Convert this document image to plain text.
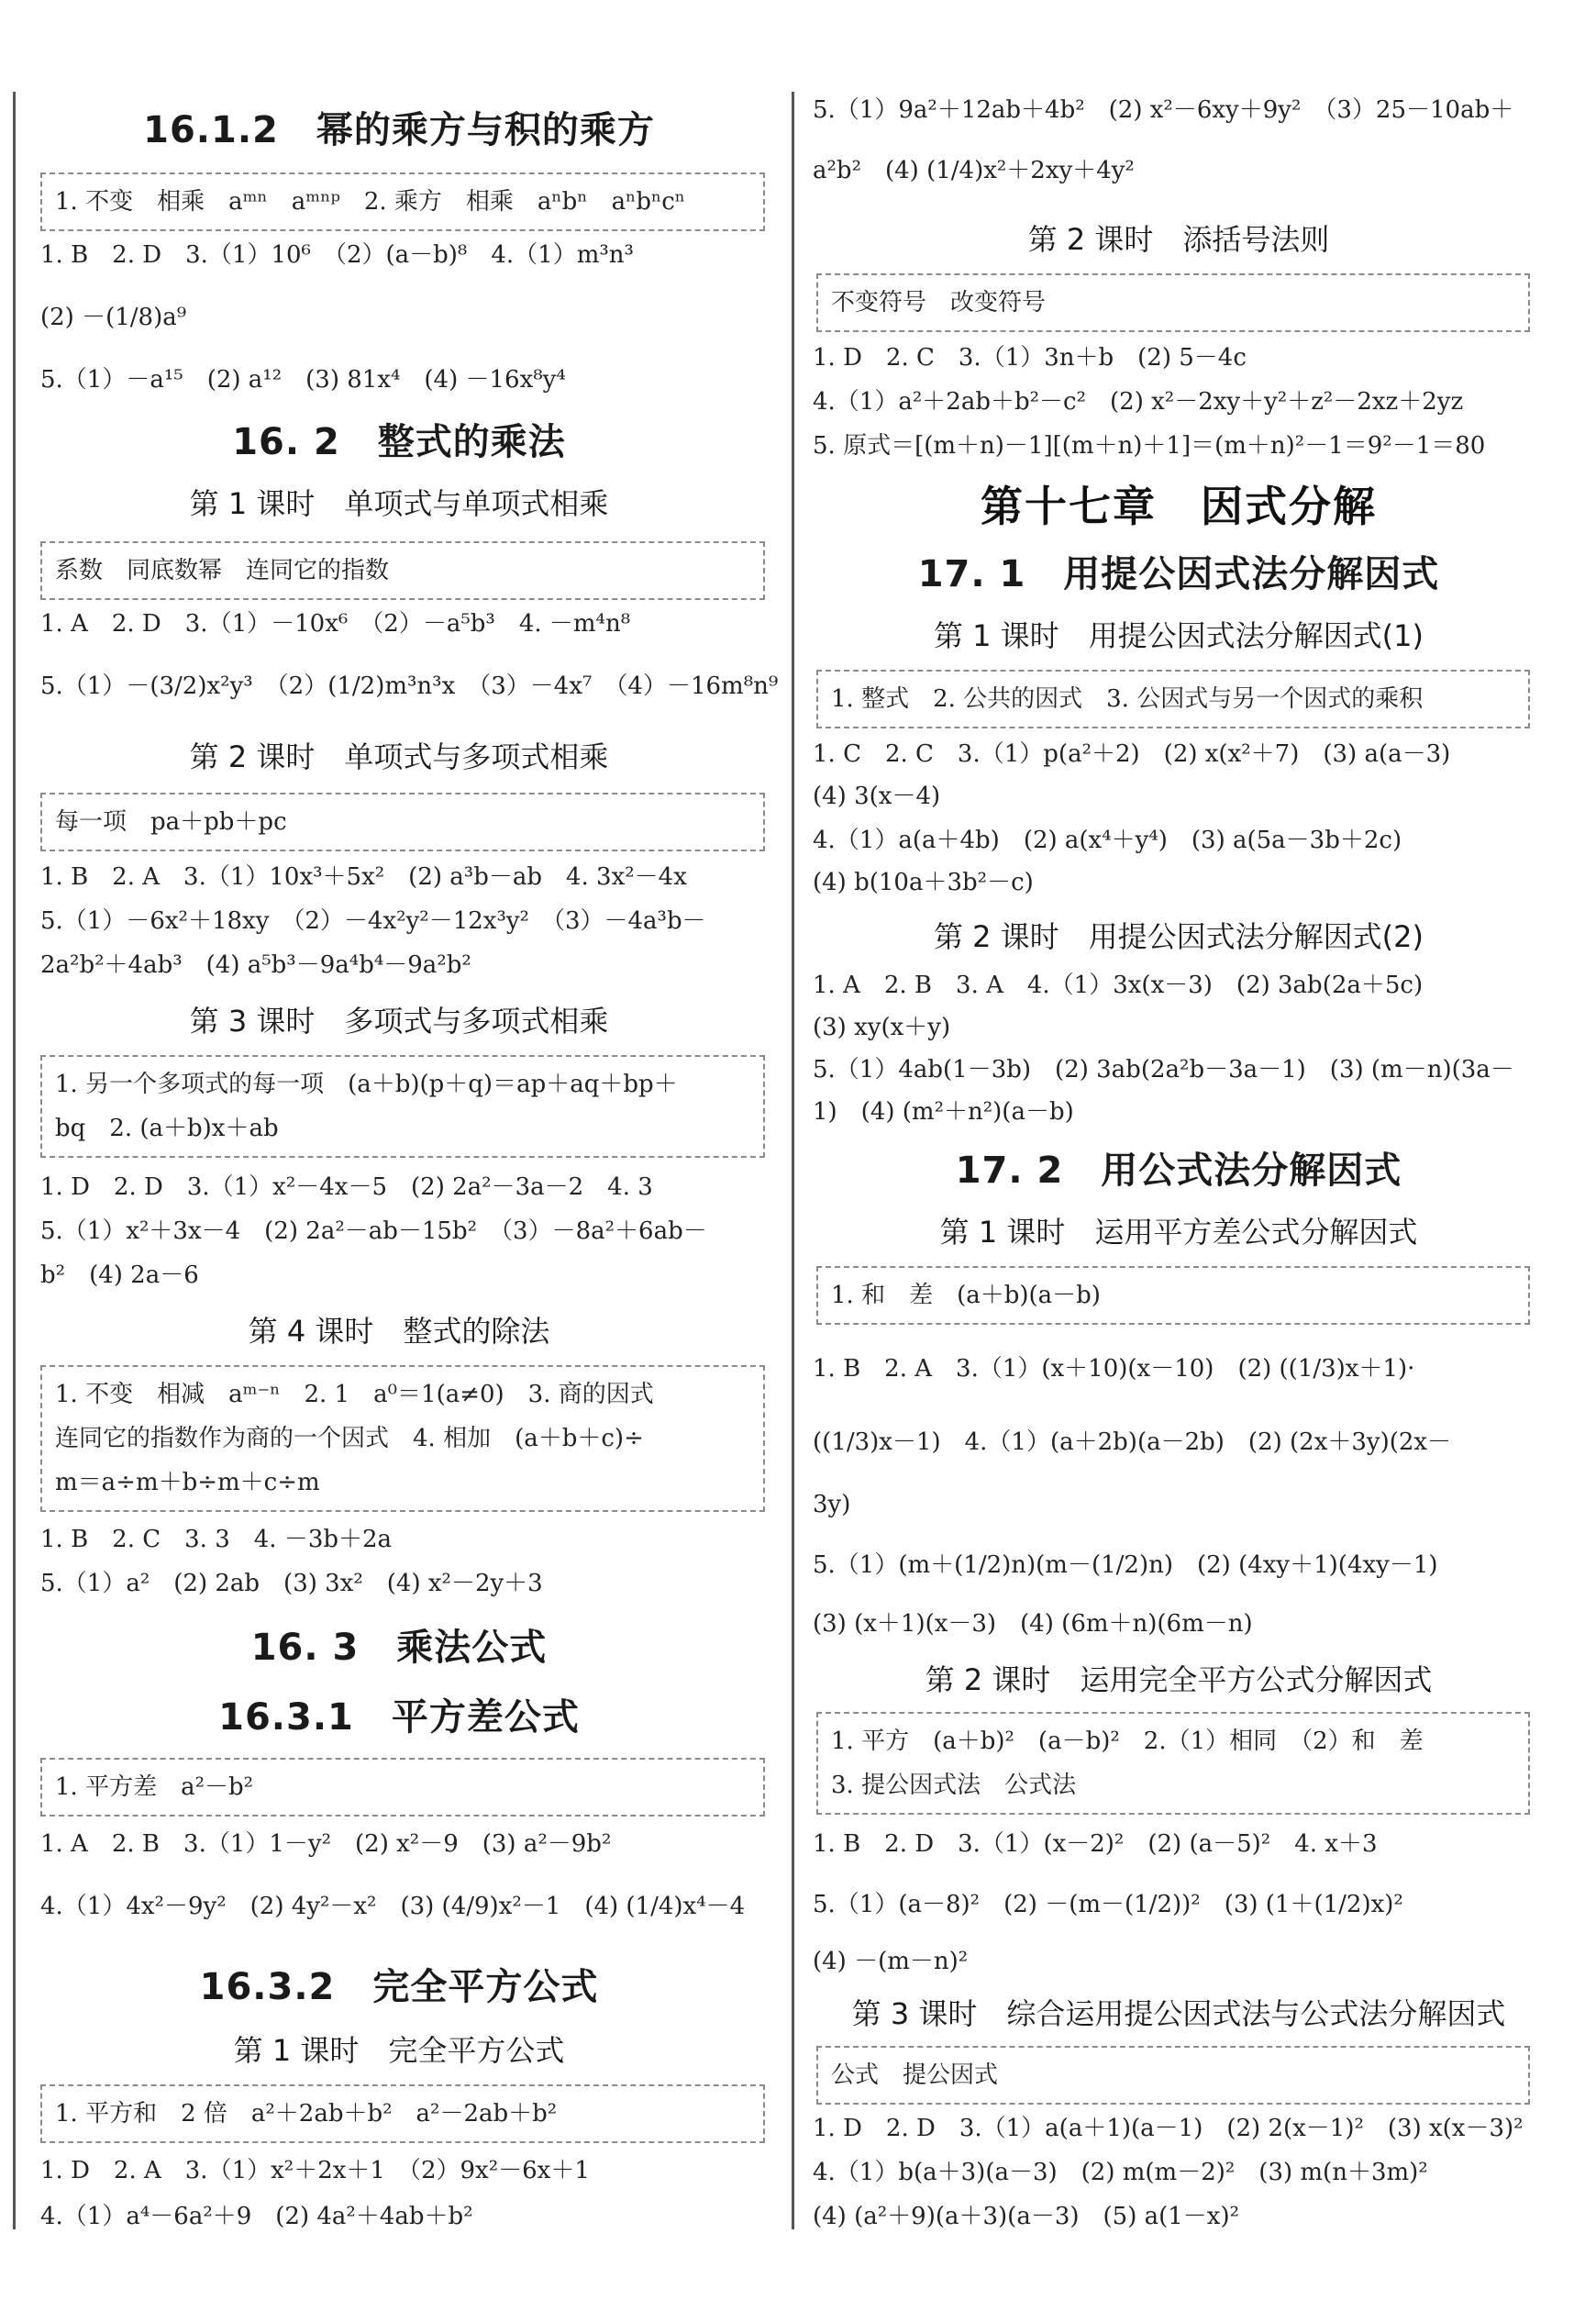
16.1.2　幂的乘方与积的乘方
1. 不变　相乘　aᵐⁿ　aᵐⁿᵖ　2. 乘方　相乘　aⁿbⁿ　aⁿbⁿcⁿ
1. B　2. D　3.（1）10⁶　（2）(a－b)⁸　4.（1）m³n³
(2) －(1/8)a⁹
5.（1）－a¹⁵　(2) a¹²　(3) 81x⁴　(4) －16x⁸y⁴
16. 2　整式的乘法
第 1 课时　单项式与单项式相乘
系数　同底数幂　连同它的指数
1. A　2. D　3.（1）－10x⁶　（2）－a⁵b³　4. －m⁴n⁸
5.（1）－(3/2)x²y³　（2）(1/2)m³n³x　（3）－4x⁷　（4）－16m⁸n⁹
第 2 课时　单项式与多项式相乘
每一项　pa＋pb＋pc
1. B　2. A　3.（1）10x³＋5x²　(2) a³b－ab　4. 3x²－4x
5.（1）－6x²＋18xy　（2）－4x²y²－12x³y²　（3）－4a³b－
2a²b²＋4ab³　(4) a⁵b³－9a⁴b⁴－9a²b²
第 3 课时　多项式与多项式相乘
1. 另一个多项式的每一项　(a＋b)(p＋q)＝ap＋aq＋bp＋
bq　2. (a＋b)x＋ab
1. D　2. D　3.（1）x²－4x－5　(2) 2a²－3a－2　4. 3
5.（1）x²＋3x－4　(2) 2a²－ab－15b²　（3）－8a²＋6ab－
b²　(4) 2a－6
第 4 课时　整式的除法
1. 不变　相减　aᵐ⁻ⁿ　2. 1　a⁰＝1(a≠0)　3. 商的因式
连同它的指数作为商的一个因式　4. 相加　(a＋b＋c)÷
m＝a÷m＋b÷m＋c÷m
1. B　2. C　3. 3　4. －3b＋2a
5.（1）a²　(2) 2ab　(3) 3x²　(4) x²－2y＋3
16. 3　乘法公式
16.3.1　平方差公式
1. 平方差　a²－b²
1. A　2. B　3.（1）1－y²　(2) x²－9　(3) a²－9b²
4.（1）4x²－9y²　(2) 4y²－x²　(3) (4/9)x²－1　(4) (1/4)x⁴－4
16.3.2　完全平方公式
第 1 课时　完全平方公式
1. 平方和　2 倍　a²＋2ab＋b²　a²－2ab＋b²
1. D　2. A　3.（1）x²＋2x＋1　（2）9x²－6x＋1
4.（1）a⁴－6a²＋9　(2) 4a²＋4ab＋b²
5.（1）9a²＋12ab＋4b²　(2) x²－6xy＋9y²　（3）25－10ab＋
a²b²　(4) (1/4)x²＋2xy＋4y²
第 2 课时　添括号法则
不变符号　改变符号
1. D　2. C　3.（1）3n＋b　(2) 5－4c
4.（1）a²＋2ab＋b²－c²　(2) x²－2xy＋y²＋z²－2xz＋2yz
5. 原式＝[(m＋n)－1][(m＋n)＋1]＝(m＋n)²－1＝9²－1＝80
第十七章　因式分解
17. 1　用提公因式法分解因式
第 1 课时　用提公因式法分解因式(1)
1. 整式　2. 公共的因式　3. 公因式与另一个因式的乘积
1. C　2. C　3.（1）p(a²＋2)　(2) x(x²＋7)　(3) a(a－3)
(4) 3(x－4)
4.（1）a(a＋4b)　(2) a(x⁴＋y⁴)　(3) a(5a－3b＋2c)
(4) b(10a＋3b²－c)
第 2 课时　用提公因式法分解因式(2)
1. A　2. B　3. A　4.（1）3x(x－3)　(2) 3ab(2a＋5c)
(3) xy(x＋y)
5.（1）4ab(1－3b)　(2) 3ab(2a²b－3a－1)　(3) (m－n)(3a－
1)　(4) (m²＋n²)(a－b)
17. 2　用公式法分解因式
第 1 课时　运用平方差公式分解因式
1. 和　差　(a＋b)(a－b)
1. B　2. A　3.（1）(x＋10)(x－10)　(2) ((1/3)x＋1)·
((1/3)x－1)　4.（1）(a＋2b)(a－2b)　(2) (2x＋3y)(2x－
3y)
5.（1）(m＋(1/2)n)(m－(1/2)n)　(2) (4xy＋1)(4xy－1)
(3) (x＋1)(x－3)　(4) (6m＋n)(6m－n)
第 2 课时　运用完全平方公式分解因式
1. 平方　(a＋b)²　(a－b)²　2.（1）相同　（2）和　差
3. 提公因式法　公式法
1. B　2. D　3.（1）(x－2)²　(2) (a－5)²　4. x＋3
5.（1）(a－8)²　(2) －(m－(1/2))²　(3) (1＋(1/2)x)²
(4) －(m－n)²
第 3 课时　综合运用提公因式法与公式法分解因式
公式　提公因式
1. D　2. D　3.（1）a(a＋1)(a－1)　(2) 2(x－1)²　(3) x(x－3)²
4.（1）b(a＋3)(a－3)　(2) m(m－2)²　(3) m(n＋3m)²
(4) (a²＋9)(a＋3)(a－3)　(5) a(1－x)²
